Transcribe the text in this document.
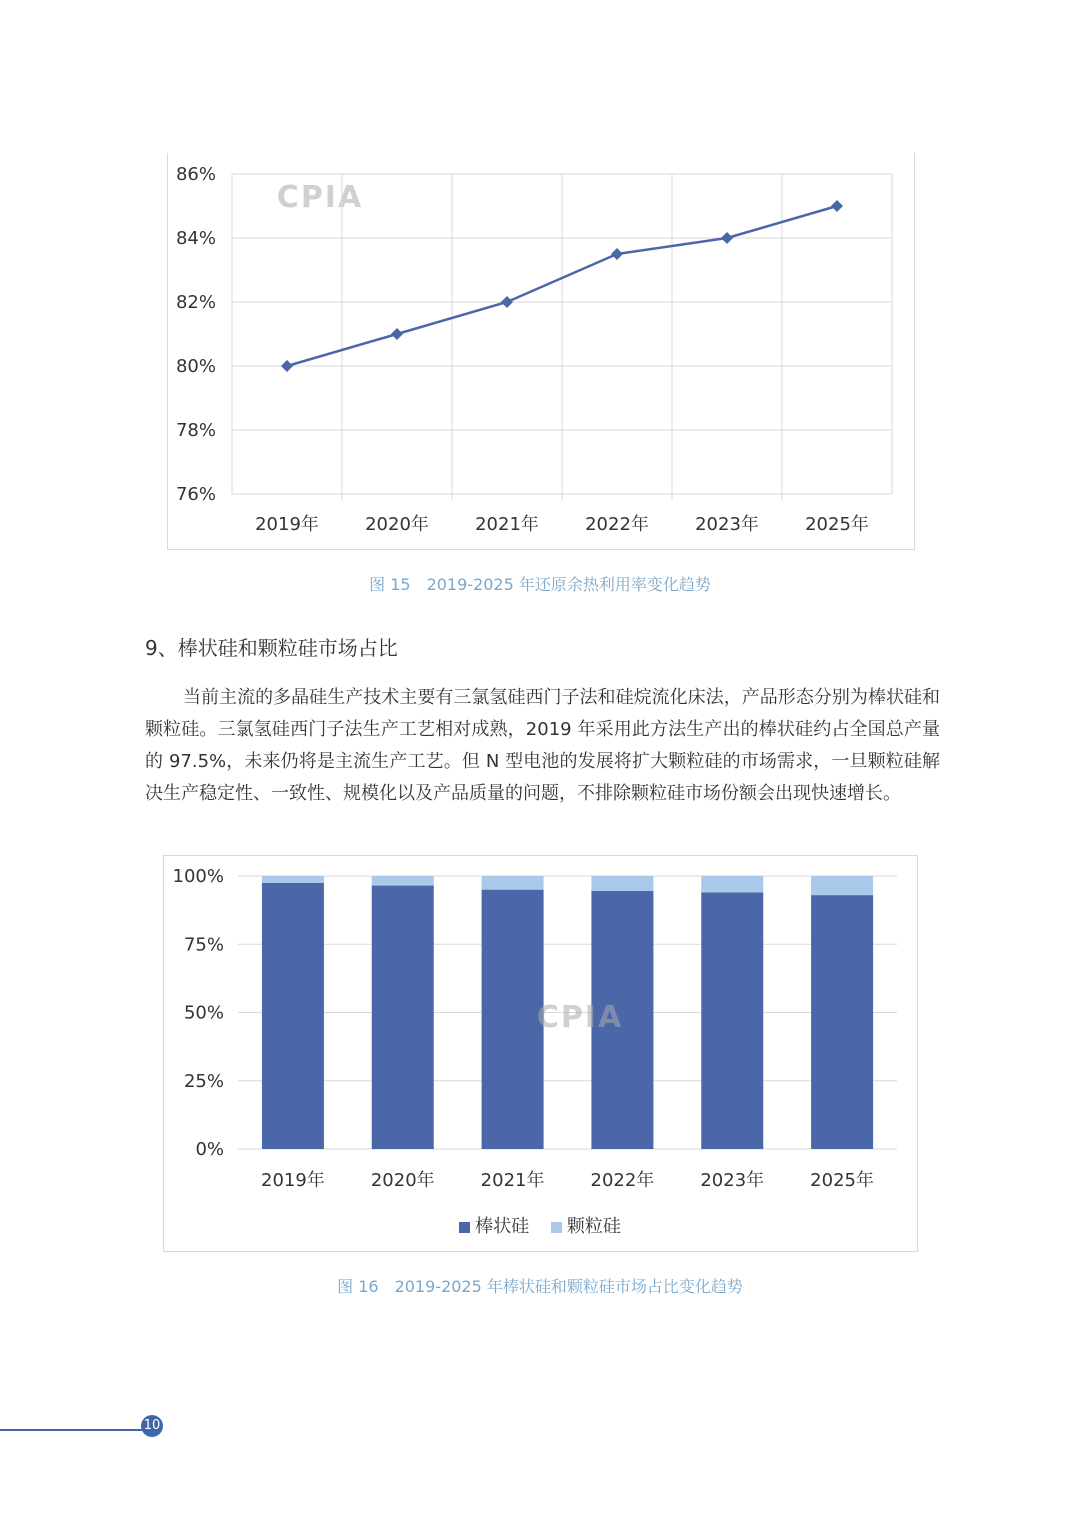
CPIA
76%
78%
80%
82%
84%
86%
2019年	2020年	2021年	2022年	2023年	2025年
图 15　2019-2025 年还原余热利用率变化趋势
9、棒状硅和颗粒硅市场占比
当前主流的多晶硅生产技术主要有三氯氢硅西门子法和硅烷流化床法，产品形态分别为棒状硅和颗粒硅。三氯氢硅西门子法生产工艺相对成熟，2019 年采用此方法生产出的棒状硅约占全国总产量的 97.5%，未来仍将是主流生产工艺。但 N 型电池的发展将扩大颗粒硅的市场需求，一旦颗粒硅解决生产稳定性、一致性、规模化以及产品质量的问题，不排除颗粒硅市场份额会出现快速增长。
0%
25%
50%
75%
100%
2019年	2020年	2021年	2022年	2023年	2025年
CPIA
棒状硅 颗粒硅
图 16　2019-2025 年棒状硅和颗粒硅市场占比变化趋势
10
